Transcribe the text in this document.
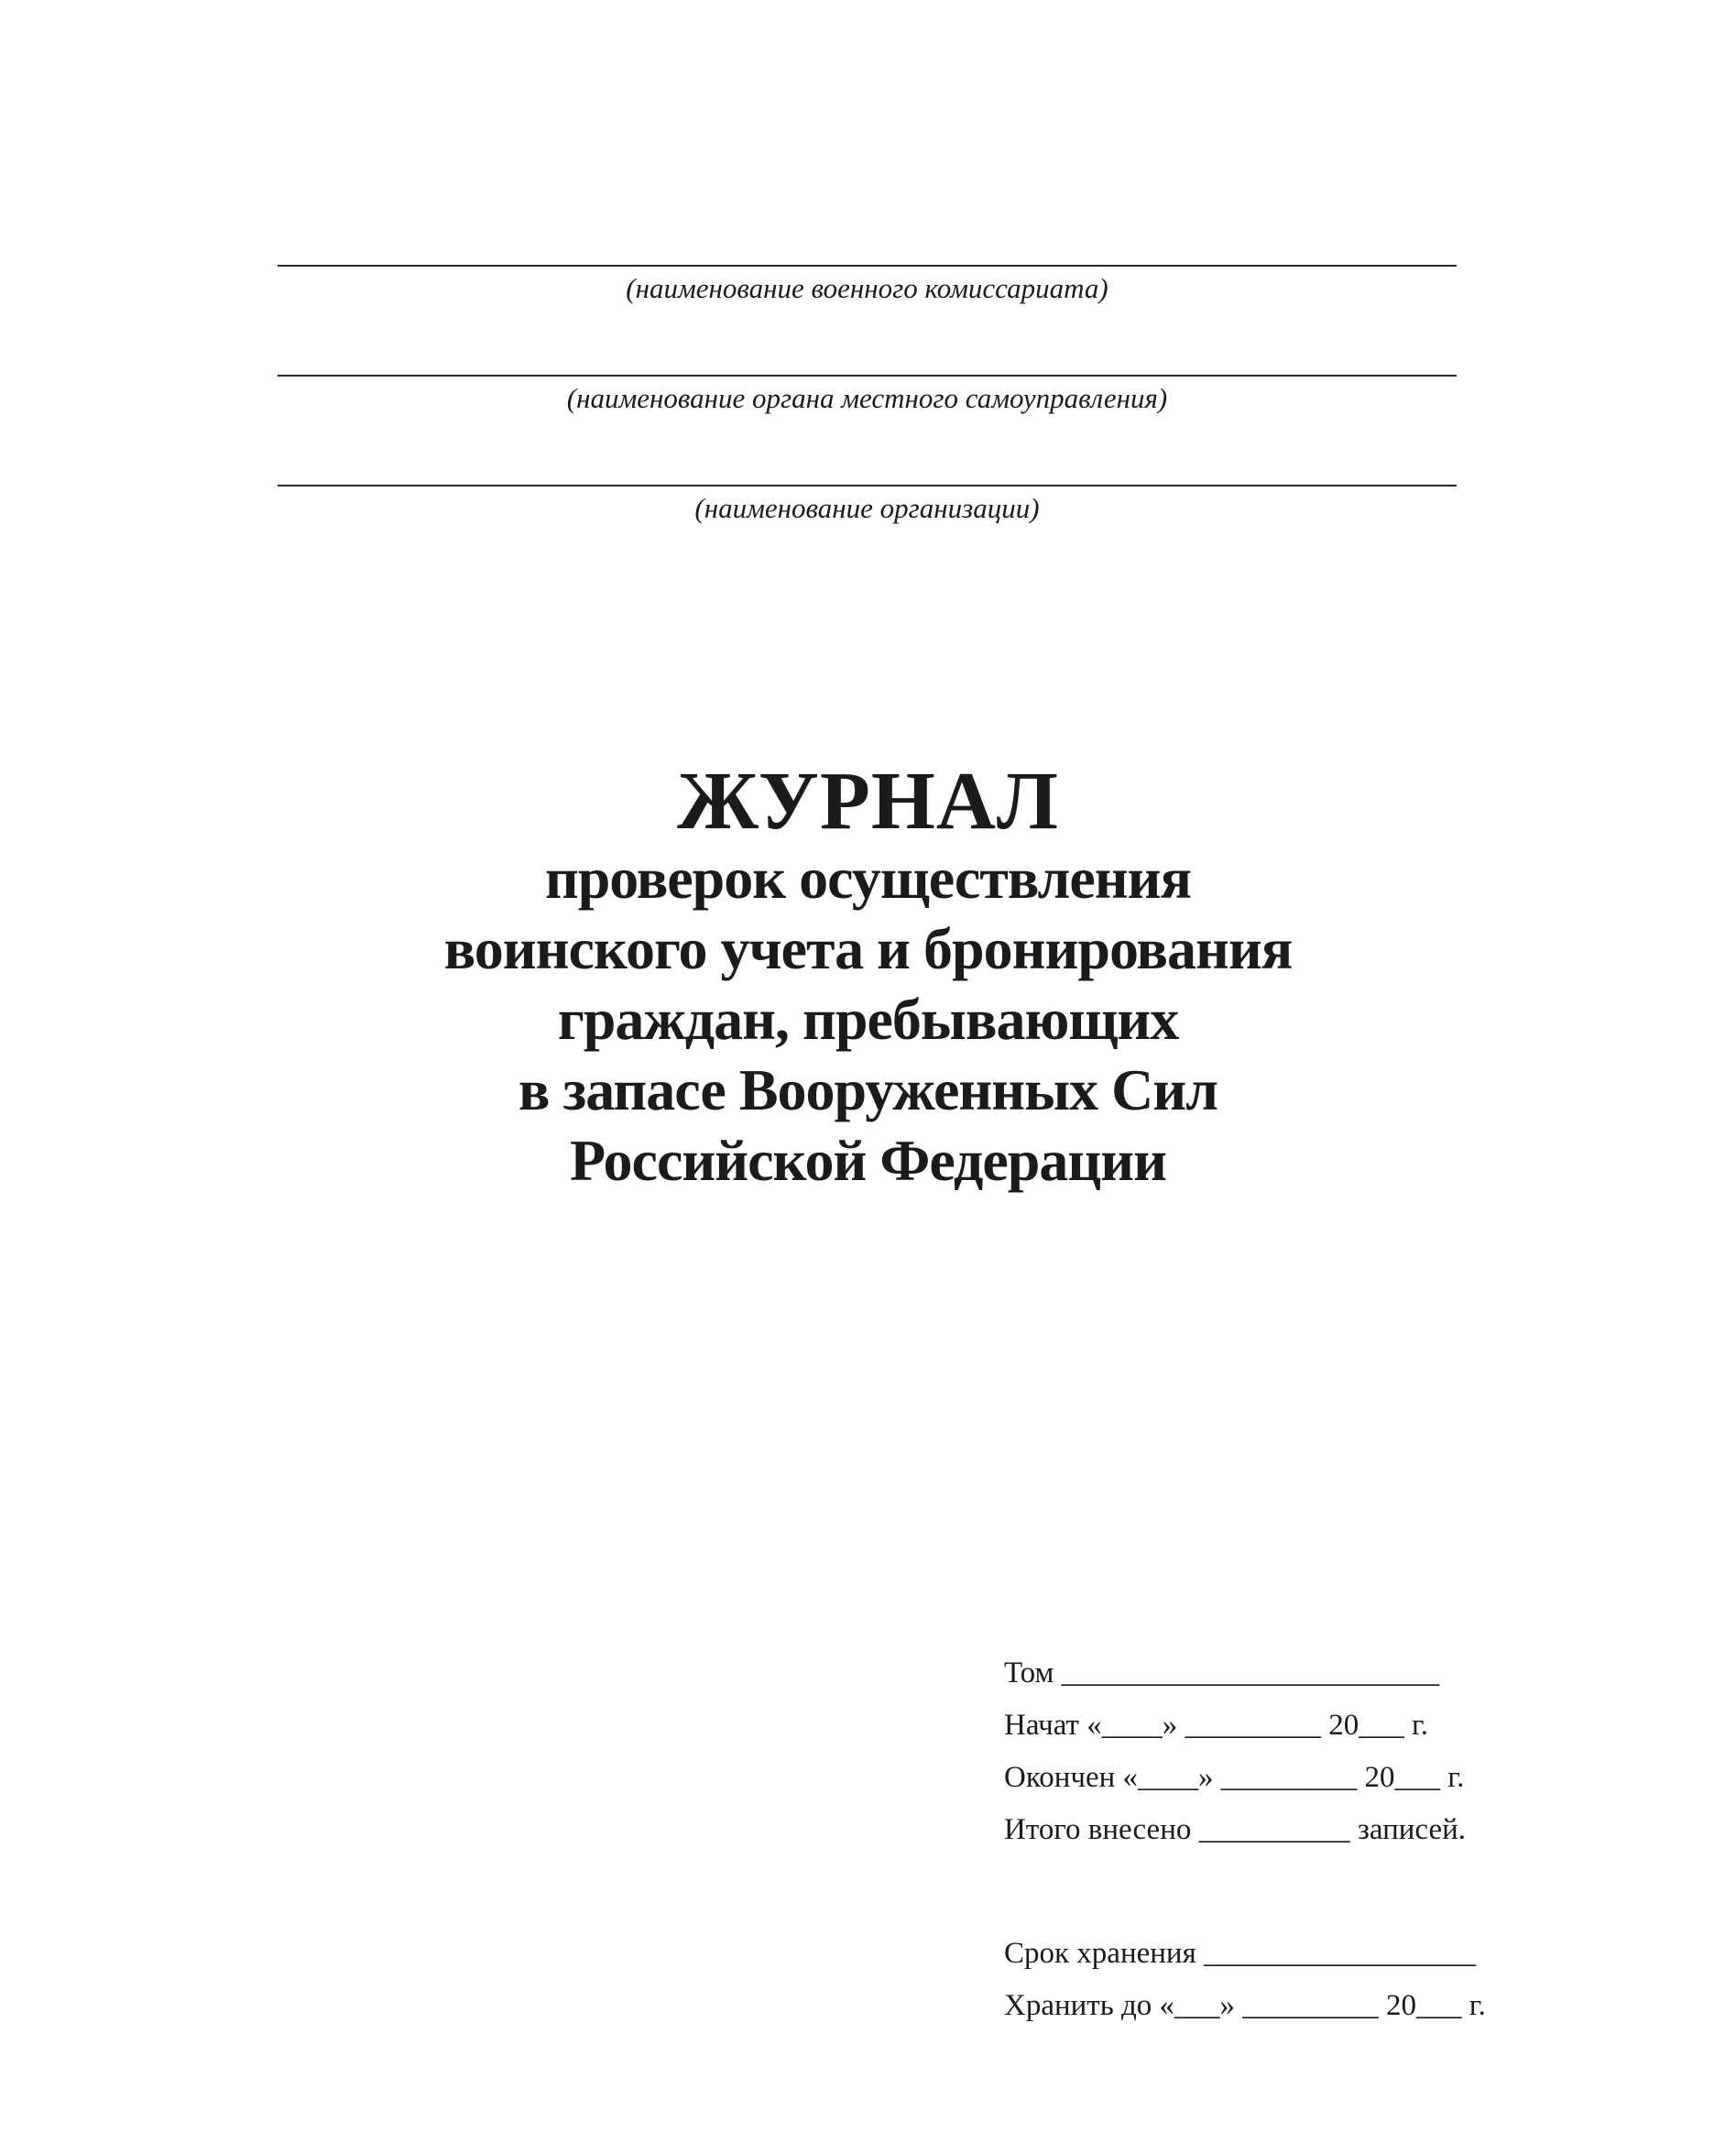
(наименование военного комиссариата)
(наименование органа местного самоуправления)
(наименование организации)
ЖУРНАЛ
проверок осуществления
воинского учета и бронирования
граждан, пребывающих
в запасе Вооруженных Сил
Российской Федерации
Том _________________________
Начат «____» _________ 20___ г.
Окончен «____» _________ 20___ г.
Итого внесено __________ записей.
Срок хранения __________________
Хранить до «___» _________ 20___ г.
